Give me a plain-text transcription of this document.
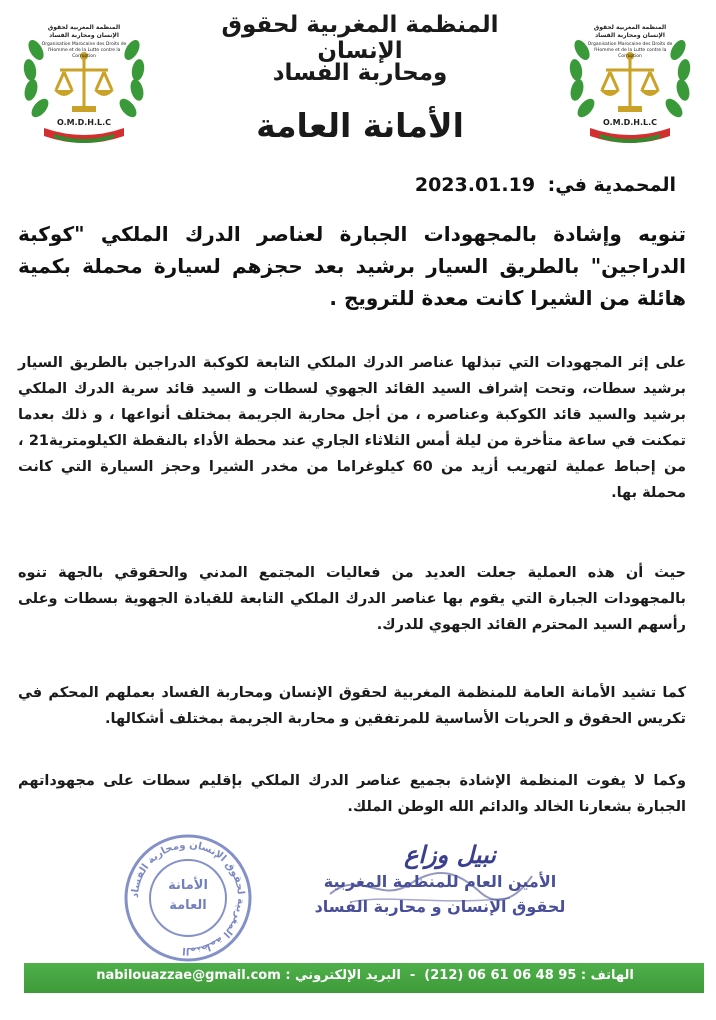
O.M.D.H.L.C
المنظمة المغربية لحقوق الإنسان ومحاربة الفساد
Organisation Marocaine des Droits de l'Homme et de la Lutte contre la Corruption
O.M.D.H.L.C
المنظمة المغربية لحقوق الإنسان ومحاربة الفساد
Organisation Marocaine des Droits de l'Homme et de la Lutte contre la Corruption
المنظمة المغربية لحقوق الإنسان
ومحاربة الفساد
الأمانة العامة
المحمدية في: 2023.01.19
تنويه وإشادة بالمجهودات الجبارة لعناصر الدرك الملكي "كوكبة الدراجين" بالطريق السيار برشيد بعد حجزهم لسيارة محملة بكمية هائلة من الشيرا كانت معدة للترويج .
على إثر المجهودات التي تبذلها عناصر الدرك الملكي التابعة لكوكبة الدراجين بالطريق السيار برشيد سطات، وتحت إشراف السيد القائد الجهوي لسطات و السيد قائد سرية الدرك الملكي برشيد والسيد قائد الكوكبة وعناصره ، من أجل محاربة الجريمة بمختلف أنواعها ، و ذلك بعدما تمكنت في ساعة متأخرة من ليلة أمس الثلاثاء الجاري عند محطة الأداء بالنقطة الكيلومترية21 ، من إحباط عملية لتهريب أزيد من 60 كيلوغراما من مخدر الشيرا وحجز السيارة التي كانت محملة بها.
حيث أن هذه العملية جعلت العديد من فعاليات المجتمع المدني والحقوقي بالجهة تنوه بالمجهودات الجبارة التي يقوم بها عناصر الدرك الملكي التابعة للقيادة الجهوية بسطات وعلى رأسهم السيد المحترم القائد الجهوي للدرك.
كما تشيد الأمانة العامة للمنظمة المغربية لحقوق الإنسان ومحاربة الفساد بعملهم المحكم في تكريس الحقوق و الحريات الأساسية للمرتفقين و محاربة الجريمة بمختلف أشكالها.
وكما لا يفوت المنظمة الإشادة بجميع عناصر الدرك الملكي بإقليم سطات على مجهوداتهم الجبارة بشعارنا الخالد والدائم الله الوطن الملك.
المنظمة المغربية لحقوق الإنسان ومحاربة الفساد
الأمانة
العامة
نبيل وزاع
الأمين العام للمنظمة المغربية
لحقوق الإنسان و محاربة الفساد
الهاتف : (212) 06 61 06 48 95  -  البريد الإلكتروني : nabilouazzae@gmail.com
